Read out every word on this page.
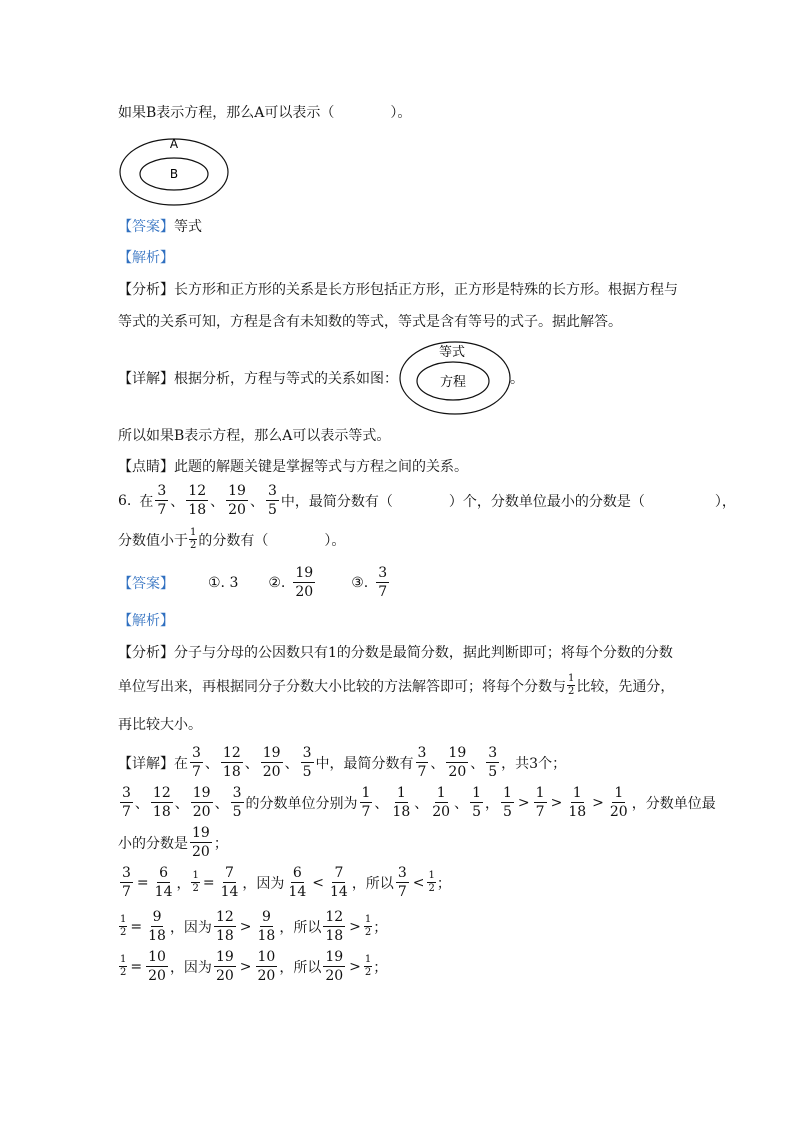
如果B表示方程，那么A可以表示（　　　　）。
A
B
【答案】等式
【解析】
【分析】长方形和正方形的关系是长方形包括正方形，正方形是特殊的长方形。根据方程与
等式的关系可知，方程是含有未知数的等式，等式是含有等号的式子。据此解答。
【详解】根据分析，方程与等式的关系如图：
等式
方程	。
所以如果B表示方程，那么A可以表示等式。
【点睛】此题的解题关键是掌握等式与方程之间的关系。
6. 在 $\frac{3}{7}$ 、 $\frac{12}{18}$ 、 $\frac{19}{20}$ 、 $\frac{3}{5}$ 中，最简分数有（　　　　）个，分数单位最小的分数是（　　　　　），
分数值小于 $\frac{1}{2}$ 的分数有（　　　　）。
【答案】 ①. 3 ②. $\frac{19}{20}$	③. $\frac{3}{7}$
【解析】
【分析】分子与分母的公因数只有1的分数是最简分数，据此判断即可；将每个分数的分数
单位写出来，再根据同分子分数大小比较的方法解答即可；将每个分数与 $\frac{1}{2}$ 比较，先通分，
再比较大小。
【详解】 在 $\frac{3}{7}$ 、 $\frac{12}{18}$ 、 $\frac{19}{20}$ 、 $\frac{3}{5}$ 中，最简分数有 $\frac{3}{7}$ 、 $\frac{19}{20}$ 、 $\frac{3}{5}$ ，共3个；
$\frac{3}{7}$ 、 $\frac{12}{18}$ 、 $\frac{19}{20}$ 、 $\frac{3}{5}$ 的分数单位分别为 $\frac{1}{7}$ 、 $\frac{1}{18}$ 、 $\frac{1}{20}$ 、 $\frac{1}{5}$ ， $\frac{1}{5} > \frac{1}{7} > \frac{1}{18} > \frac{1}{20}$ ，分数单位最
小的分数是 $\frac{19}{20}$ ；
$\frac{3}{7} = \frac{6}{14}$ ， $\frac{1}{2} = \frac{7}{14}$ ，因为 $\frac{6}{14} < \frac{7}{14}$ ，所以 $\frac{3}{7} < \frac{1}{2}$ ；
$\frac{1}{2} = \frac{9}{18}$ ，因为 $\frac{12}{18} > \frac{9}{18}$ ，所以 $\frac{12}{18} > \frac{1}{2}$ ；
$\frac{1}{2} = \frac{10}{20}$ ，因为 $\frac{19}{20} > \frac{10}{20}$ ，所以 $\frac{19}{20} > \frac{1}{2}$ ；
